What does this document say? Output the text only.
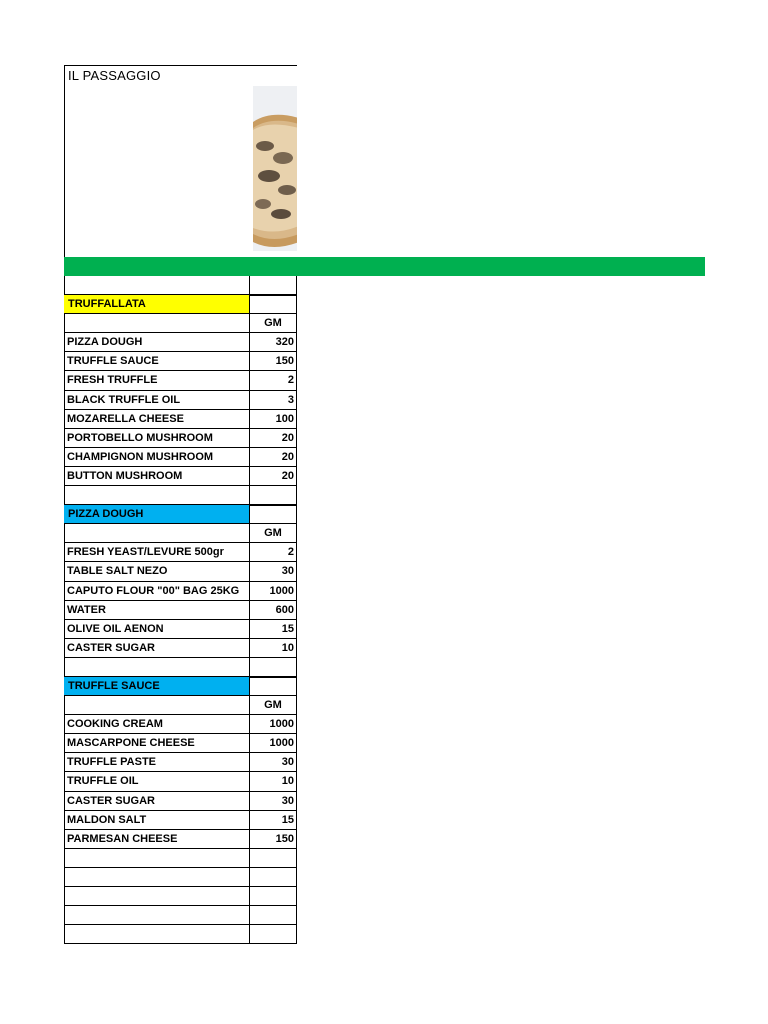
IL PASSAGGIO
TRUFFALLATA
GM
PIZZA DOUGH	320
TRUFFLE SAUCE	150
FRESH TRUFFLE	2
BLACK TRUFFLE OIL	3
MOZARELLA CHEESE	100
PORTOBELLO MUSHROOM	20
CHAMPIGNON MUSHROOM	20
BUTTON MUSHROOM	20
PIZZA DOUGH
GM
FRESH YEAST/LEVURE 500gr	2
TABLE SALT NEZO	30
CAPUTO FLOUR "00" BAG 25KG	1000
WATER	600
OLIVE OIL AENON	15
CASTER SUGAR	10
TRUFFLE SAUCE
GM
COOKING CREAM	1000
MASCARPONE CHEESE	1000
TRUFFLE PASTE	30
TRUFFLE OIL	10
CASTER SUGAR	30
MALDON SALT	15
PARMESAN CHEESE	150
